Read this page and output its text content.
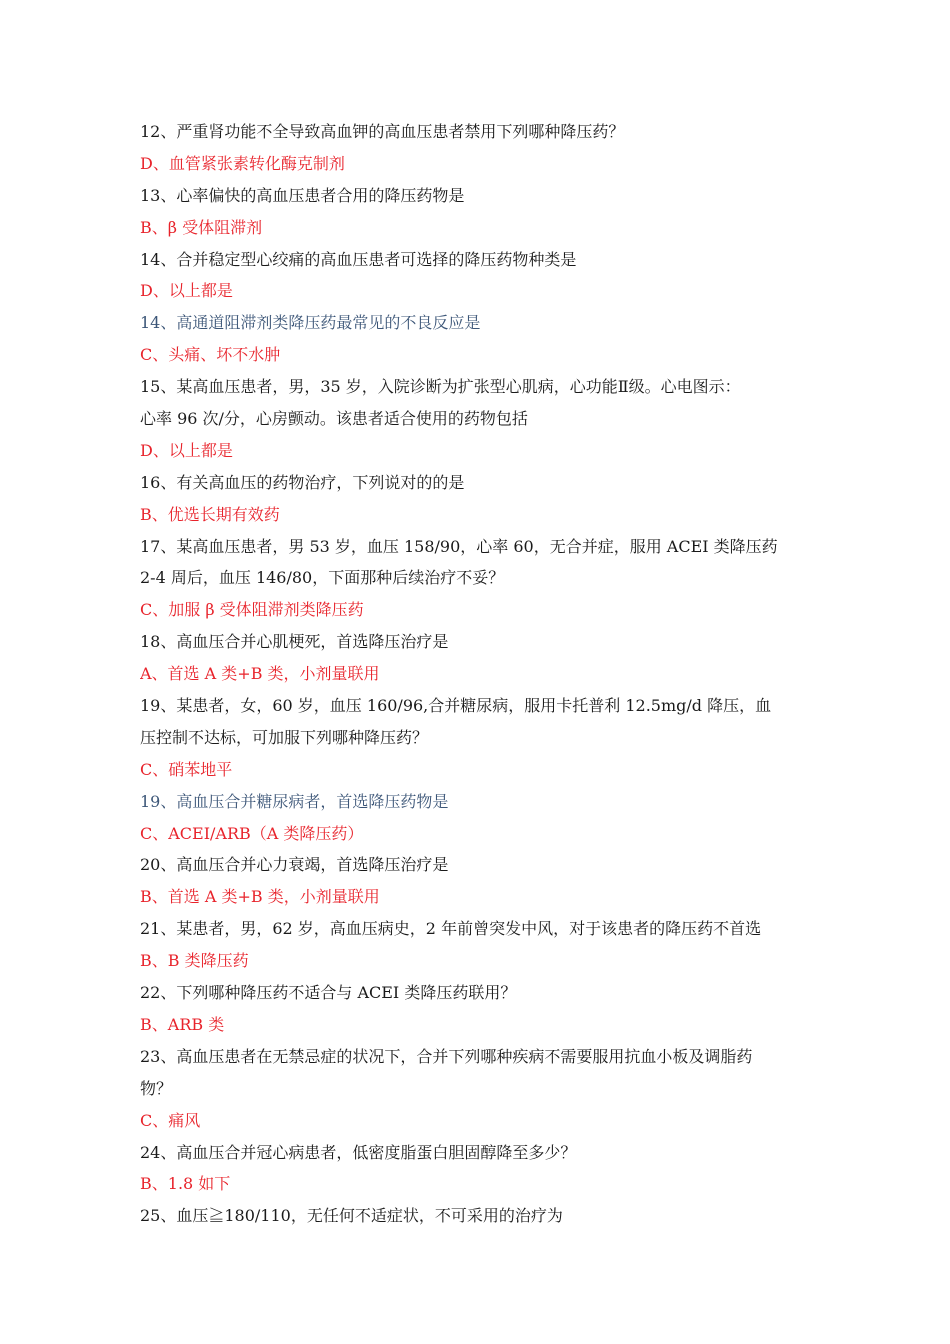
12、严重肾功能不全导致高血钾的高血压患者禁用下列哪种降压药？
D、血管紧张素转化酶克制剂
13、心率偏快的高血压患者合用的降压药物是
B、β 受体阻滞剂
14、合并稳定型心绞痛的高血压患者可选择的降压药物种类是
D、以上都是
14、高通道阻滞剂类降压药最常见的不良反应是
C、头痛、坏不水肿
15、某高血压患者，男，35 岁，入院诊断为扩张型心肌病，心功能Ⅱ级。心电图示：
心率 96 次/分，心房颤动。该患者适合使用的药物包括
D、以上都是
16、有关高血压的药物治疗，下列说对的的是
B、优选长期有效药
17、某高血压患者，男 53 岁，血压 158/90，心率 60，无合并症，服用 ACEI 类降压药
2-4 周后，血压 146/80，下面那种后续治疗不妥？
C、加服 β 受体阻滞剂类降压药
18、高血压合并心肌梗死，首选降压治疗是
A、首选 A 类+B 类，小剂量联用
19、某患者，女，60 岁，血压 160/96,合并糖尿病，服用卡托普利 12.5mg/d 降压，血
压控制不达标，可加服下列哪种降压药？
C、硝苯地平
19、高血压合并糖尿病者，首选降压药物是
C、ACEI/ARB（A 类降压药）
20、高血压合并心力衰竭，首选降压治疗是
B、首选 A 类+B 类，小剂量联用
21、某患者，男，62 岁，高血压病史，2 年前曾突发中风，对于该患者的降压药不首选
B、B 类降压药
22、下列哪种降压药不适合与 ACEI 类降压药联用？
B、ARB 类
23、高血压患者在无禁忌症的状况下，合并下列哪种疾病不需要服用抗血小板及调脂药
物？
C、痛风
24、高血压合并冠心病患者，低密度脂蛋白胆固醇降至多少？
B、1.8 如下
25、血压≧180/110，无任何不适症状，不可采用的治疗为
